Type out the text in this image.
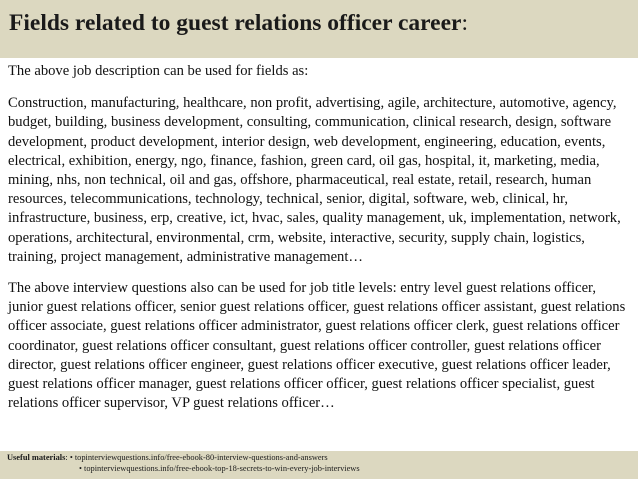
Fields related to guest relations officer career:

The above job description can be used for fields as:

Construction, manufacturing, healthcare, non profit, advertising, agile, architecture, automotive, agency, budget, building, business development, consulting, communication, clinical research, design, software development, product development, interior design, web development, engineering, education, events, electrical, exhibition, energy, ngo, finance, fashion, green card, oil gas, hospital, it, marketing, media, mining, nhs, non technical, oil and gas, offshore, pharmaceutical, real estate, retail, research, human resources, telecommunications, technology, technical, senior, digital, software, web, clinical, hr, infrastructure, business, erp, creative, ict, hvac, sales, quality management, uk, implementation, network, operations, architectural, environmental, crm, website, interactive, security, supply chain, logistics, training, project management, administrative management…

The above interview questions also can be used for job title levels: entry level guest relations officer, junior guest relations officer, senior guest relations officer, guest relations officer assistant, guest relations officer associate, guest relations officer administrator, guest relations officer clerk, guest relations officer coordinator, guest relations officer consultant, guest relations officer controller, guest relations officer director, guest relations officer engineer, guest relations officer executive, guest relations officer leader, guest relations officer manager, guest relations officer officer, guest relations officer specialist, guest relations officer supervisor, VP guest relations officer…

Useful materials: • topinterviewquestions.info/free-ebook-80-interview-questions-and-answers
• topinterviewquestions.info/free-ebook-top-18-secrets-to-win-every-job-interviews
